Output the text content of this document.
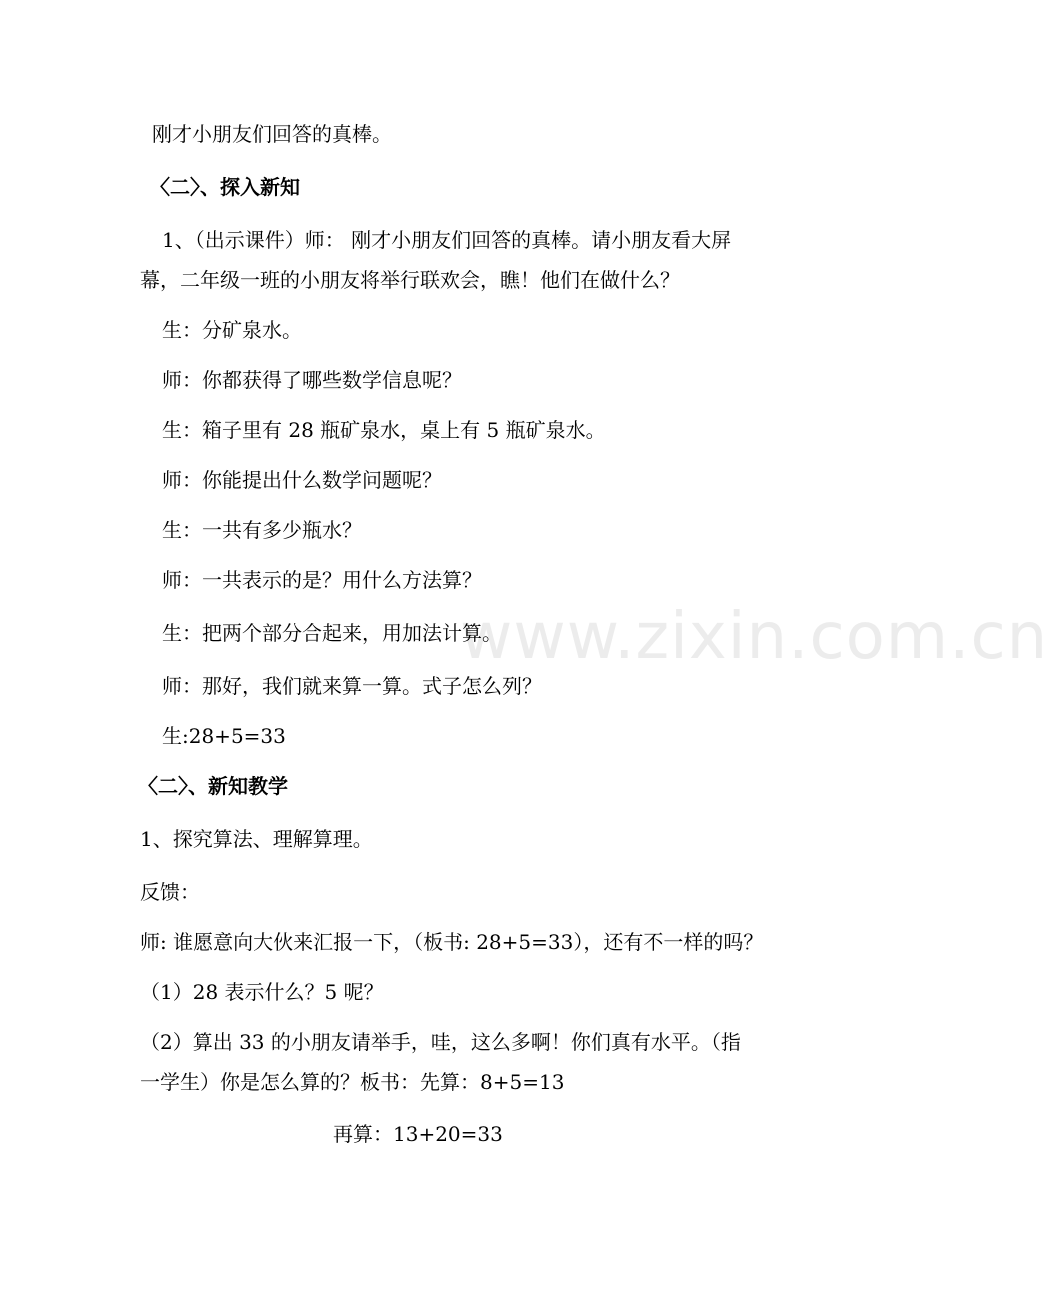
www.zixin.com.cn
刚才小朋友们回答的真棒。
〈二〉、探入新知
1、（出示课件）师： 刚才小朋友们回答的真棒。请小朋友看大屏
幕，二年级一班的小朋友将举行联欢会，瞧！他们在做什么？
生：分矿泉水。
师：你都获得了哪些数学信息呢？
生：箱子里有 28 瓶矿泉水，桌上有 5 瓶矿泉水。
师：你能提出什么数学问题呢？
生：一共有多少瓶水？
师：一共表示的是？用什么方法算？
生：把两个部分合起来，用加法计算。
师：那好，我们就来算一算。式子怎么列？
生:28+5=33
〈二〉、新知教学
1、探究算法、理解算理。
反馈：
师: 谁愿意向大伙来汇报一下，（板书: 28+5=33），还有不一样的吗？
（1）28 表示什么？5 呢？
（2）算出 33 的小朋友请举手，哇，这么多啊！你们真有水平。（指
一学生）你是怎么算的？板书：先算：8+5=13
再算：13+20=33
